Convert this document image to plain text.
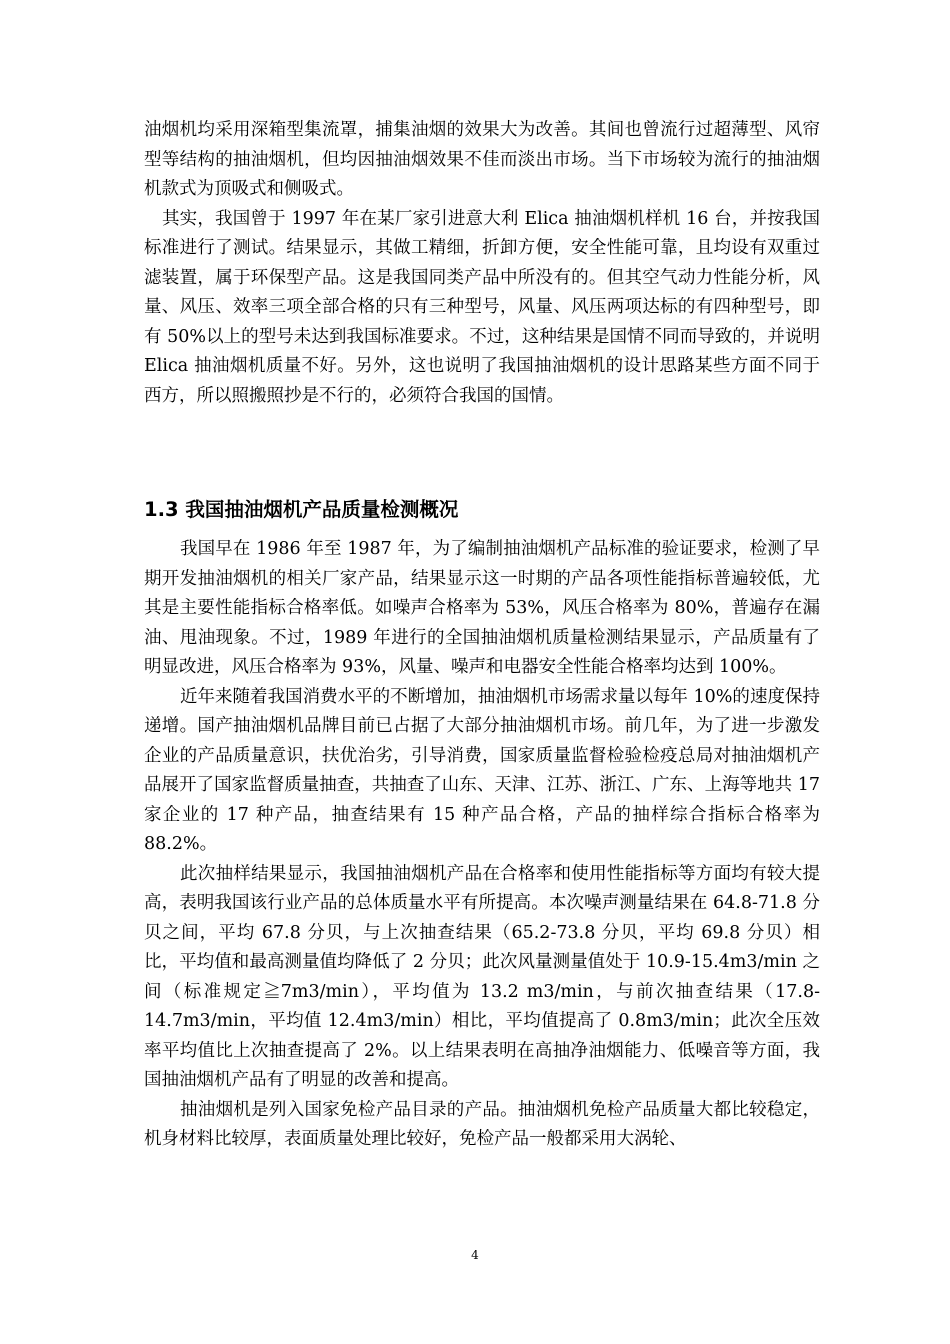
油烟机均采用深箱型集流罩，捕集油烟的效果大为改善。其间也曾流行过超薄型、风帘型等结构的抽油烟机，但均因抽油烟效果不佳而淡出市场。当下市场较为流行的抽油烟机款式为顶吸式和侧吸式。

其实，我国曾于 1997 年在某厂家引进意大利 Elica 抽油烟机样机 16 台，并按我国标准进行了测试。结果显示，其做工精细，折卸方便，安全性能可靠，且均设有双重过滤装置，属于环保型产品。这是我国同类产品中所没有的。但其空气动力性能分析，风量、风压、效率三项全部合格的只有三种型号，风量、风压两项达标的有四种型号，即有 50%以上的型号未达到我国标准要求。不过，这种结果是国情不同而导致的，并说明 Elica 抽油烟机质量不好。另外，这也说明了我国抽油烟机的设计思路某些方面不同于西方，所以照搬照抄是不行的，必须符合我国的国情。

1.3 我国抽油烟机产品质量检测概况

我国早在 1986 年至 1987 年，为了编制抽油烟机产品标准的验证要求，检测了早期开发抽油烟机的相关厂家产品，结果显示这一时期的产品各项性能指标普遍较低，尤其是主要性能指标合格率低。如噪声合格率为 53%，风压合格率为 80%，普遍存在漏油、甩油现象。不过，1989 年进行的全国抽油烟机质量检测结果显示，产品质量有了明显改进，风压合格率为 93%，风量、噪声和电器安全性能合格率均达到 100%。

近年来随着我国消费水平的不断增加，抽油烟机市场需求量以每年 10%的速度保持递增。国产抽油烟机品牌目前已占据了大部分抽油烟机市场。前几年，为了进一步激发企业的产品质量意识，扶优治劣，引导消费，国家质量监督检验检疫总局对抽油烟机产品展开了国家监督质量抽查，共抽查了山东、天津、江苏、浙江、广东、上海等地共 17 家企业的 17 种产品，抽查结果有 15 种产品合格，产品的抽样综合指标合格率为 88.2%。

此次抽样结果显示，我国抽油烟机产品在合格率和使用性能指标等方面均有较大提高，表明我国该行业产品的总体质量水平有所提高。本次噪声测量结果在 64.8-71.8 分贝之间，平均 67.8 分贝，与上次抽查结果（65.2-73.8 分贝，平均 69.8 分贝）相比，平均值和最高测量值均降低了 2 分贝；此次风量测量值处于 10.9-15.4m3/min 之间（标准规定≧7m3/min），平均值为 13.2 m3/min，与前次抽查结果（17.8-14.7m3/min，平均值 12.4m3/min）相比，平均值提高了 0.8m3/min；此次全压效率平均值比上次抽查提高了 2%。以上结果表明在高抽净油烟能力、低噪音等方面，我国抽油烟机产品有了明显的改善和提高。

抽油烟机是列入国家免检产品目录的产品。抽油烟机免检产品质量大都比较稳定，机身材料比较厚，表面质量处理比较好，免检产品一般都采用大涡轮、

4
